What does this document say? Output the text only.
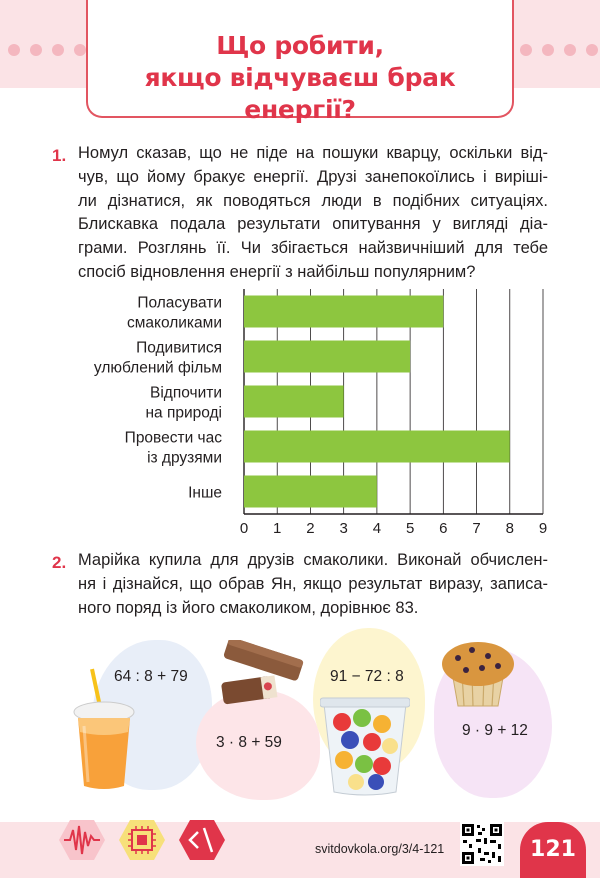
Що робити,
якщо відчуваєш брак енергії?
1. Номул сказав, що не піде на пошуки кварцу, оскільки від-
чув, що йому бракує енергії. Друзі занепокоїлись і виріші-
ли дізнатися, як поводяться люди в подібних ситуаціях.
Блискавка подала результати опитування у вигляді діа-
грами. Розглянь її. Чи збігається найзвичніший для тебе
спосіб відновлення енергії з найбільш популярним?
Поласувати
смаколиками
Подивитися
улюблений фільм
Відпочити
на природі
Провести час
із друзями
Інше
0 1 2 3 4 5 6 7 8 9
2. Марійка купила для друзів смаколики. Виконай обчислен-
ня і дізнайся, що обрав Ян, якщо результат виразу, записа-
ного поряд із його смаколиком, дорівнює 83.
64 : 8 + 79
3 · 8 + 59
91 − 72 : 8
9 · 9 + 12
svitdovkola.org/3/4-121	121
